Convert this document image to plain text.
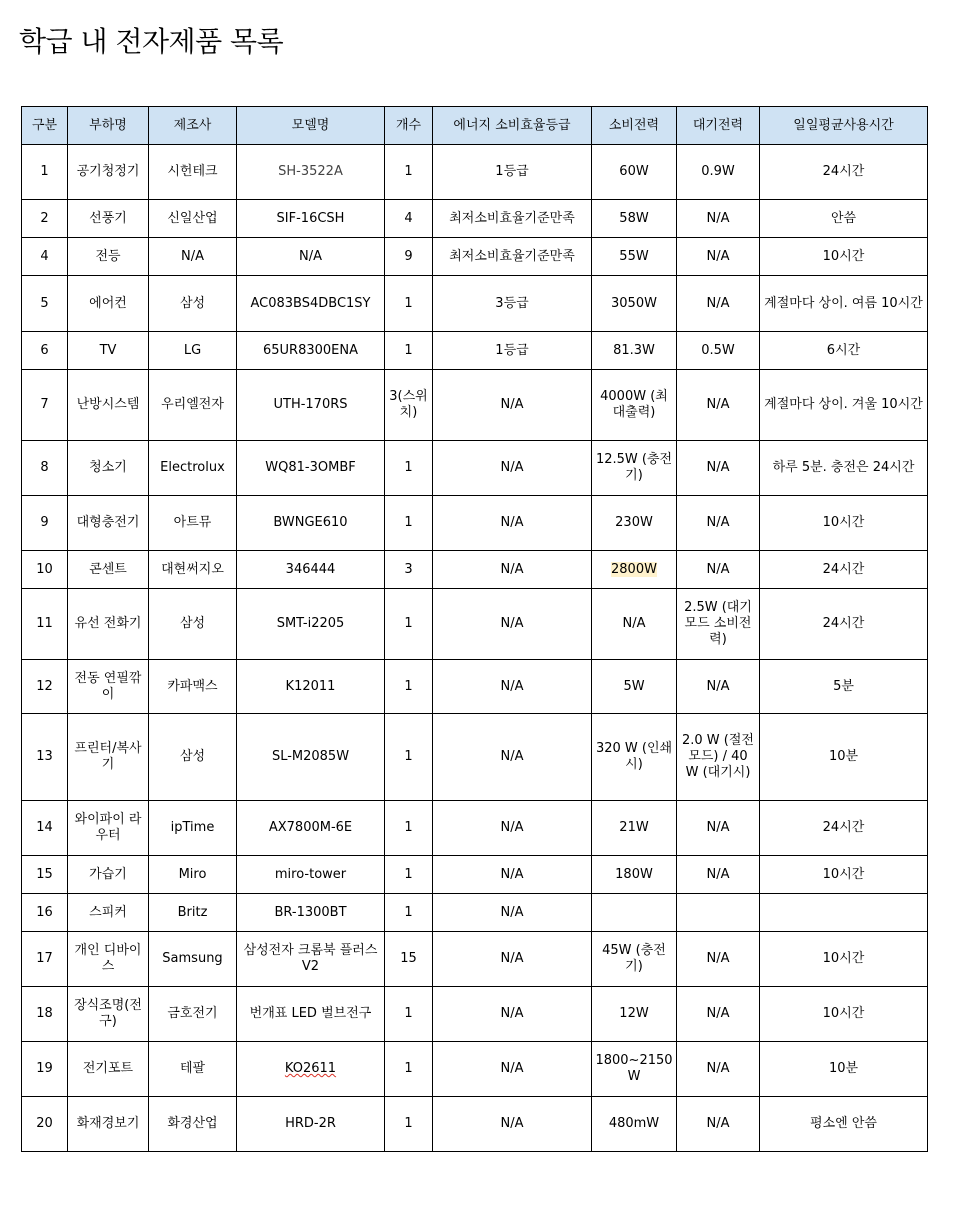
학급 내 전자제품 목록
구분	부하명	제조사	모델명	개수	에너지 소비효율등급	소비전력	대기전력	일일평균사용시간
1	공기청정기	시헌테크	SH-3522A	1	1등급	60W	0.9W	24시간
2	선풍기	신일산업	SIF-16CSH	4	최저소비효율기준만족	58W	N/A	안씀
4	전등	N/A	N/A	9	최저소비효율기준만족	55W	N/A	10시간
5	에어컨	삼성	AC083BS4DBC1SY	1	3등급	3050W	N/A	계절마다 상이. 여름 10시간
6	TV	LG	65UR8300ENA	1	1등급	81.3W	0.5W	6시간
7	난방시스템	우리엘전자	UTH-170RS	3(스위치)	N/A	4000W (최대출력)	N/A	계절마다 상이. 겨울 10시간
8	청소기	Electrolux	WQ81-3OMBF	1	N/A	12.5W (충전기)	N/A	하루 5분. 충전은 24시간
9	대형충전기	아트뮤	BWNGE610	1	N/A	230W	N/A	10시간
10	콘센트	대현써지오	346444	3	N/A	2800W	N/A	24시간
11	유선 전화기	삼성	SMT-i2205	1	N/A	N/A	2.5W (대기모드 소비전력)	24시간
12	전동 연필깎이	카파맥스	K12011	1	N/A	5W	N/A	5분
13	프린터/복사기	삼성	SL-M2085W	1	N/A	320 W (인쇄시)	2.0 W (절전모드) / 40 W (대기시)	10분
14	와이파이 라우터	ipTime	AX7800M-6E	1	N/A	21W	N/A	24시간
15	가습기	Miro	miro-tower	1	N/A	180W	N/A	10시간
16	스피커	Britz	BR-1300BT	1	N/A			
17	개인 디바이스	Samsung	삼성전자 크롬북 플러스 V2	15	N/A	45W (충전기)	N/A	10시간
18	장식조명(전구)	금호전기	번개표 LED 벌브전구	1	N/A	12W	N/A	10시간
19	전기포트	테팔	KO2611	1	N/A	1800~2150W	N/A	10분
20	화재경보기	화경산업	HRD-2R	1	N/A	480mW	N/A	평소엔 안씀
